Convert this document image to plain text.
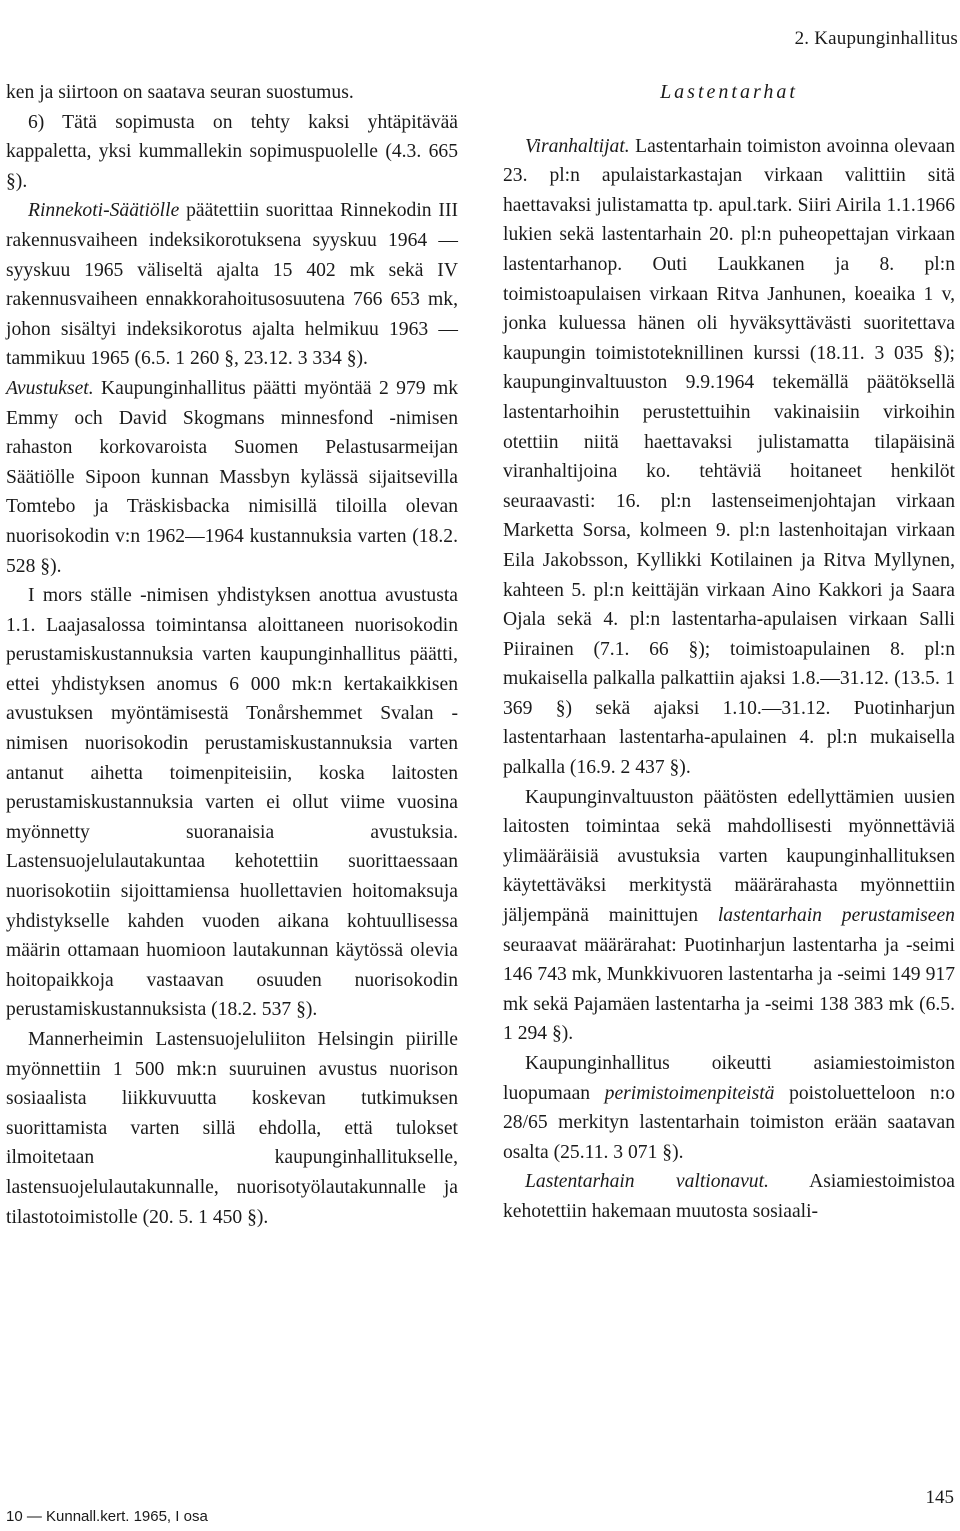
2. Kaupunginhallitus

ken ja siirtoon on saatava seuran suostumus.

6) Tätä sopimusta on tehty kaksi yhtäpitävää kappaletta, yksi kummallekin sopimuspuolelle (4.3. 665 §).

Rinnekoti-Säätiölle päätettiin suorittaa Rinnekodin III rakennusvaiheen indeksikorotuksena syyskuu 1964 — syyskuu 1965 väliseltä ajalta 15 402 mk sekä IV rakennusvaiheen ennakkorahoitusosuutena 766 653 mk, johon sisältyi indeksikorotus ajalta helmikuu 1963 — tammikuu 1965 (6.5. 1 260 §, 23.12. 3 334 §).

Avustukset. Kaupunginhallitus päätti myöntää 2 979 mk Emmy och David Skogmans minnesfond -nimisen rahaston korkovaroista Suomen Pelastusarmeijan Säätiölle Sipoon kunnan Massbyn kylässä sijaitsevilla Tomtebo ja Träskisbacka nimisillä tiloilla olevan nuorisokodin v:n 1962—1964 kustannuksia varten (18.2. 528 §).

I mors ställe -nimisen yhdistyksen anottua avustusta 1.1. Laajasalossa toimintansa aloittaneen nuorisokodin perustamiskustannuksia varten kaupunginhallitus päätti, ettei yhdistyksen anomus 6 000 mk:n kertakaikkisen avustuksen myöntämisestä Tonårshemmet Svalan -nimisen nuorisokodin perustamiskustannuksia varten antanut aihetta toimenpiteisiin, koska laitosten perustamiskustannuksia varten ei ollut viime vuosina myönnetty suoranaisia avustuksia. Lastensuojelulautakuntaa kehotettiin suorittaessaan nuorisokotiin sijoittamiensa huollettavien hoitomaksuja yhdistykselle kahden vuoden aikana kohtuullisessa määrin ottamaan huomioon lautakunnan käytössä olevia hoitopaikkoja vastaavan osuuden nuorisokodin perustamiskustannuksista (18.2. 537 §).

Mannerheimin Lastensuojeluliiton Helsingin piirille myönnettiin 1 500 mk:n suuruinen avustus nuorison sosiaalista liikkuvuutta koskevan tutkimuksen suorittamista varten sillä ehdolla, että tulokset ilmoitetaan kaupunginhallitukselle, lastensuojelulautakunnalle, nuorisotyölautakunnalle ja tilastotoimistolle (20. 5. 1 450 §).

Lastentarhat

Viranhaltijat. Lastentarhain toimiston avoinna olevaan 23. pl:n apulaistarkastajan virkaan valittiin sitä haettavaksi julistamatta tp. apul.tark. Siiri Airila 1.1.1966 lukien sekä lastentarhain 20. pl:n puheopettajan virkaan lastentarhanop. Outi Laukkanen ja 8. pl:n toimistoapulaisen virkaan Ritva Janhunen, koeaika 1 v, jonka kuluessa hänen oli hyväksyttävästi suoritettava kaupungin toimistoteknillinen kurssi (18.11. 3 035 §); kaupunginvaltuuston 9.9.1964 tekemällä päätöksellä lastentarhoihin perustettuihin vakinaisiin virkoihin otettiin niitä haettavaksi julistamatta tilapäisinä viranhaltijoina ko. tehtäviä hoitaneet henkilöt seuraavasti: 16. pl:n lastenseimenjohtajan virkaan Marketta Sorsa, kolmeen 9. pl:n lastenhoitajan virkaan Eila Jakobsson, Kyllikki Kotilainen ja Ritva Myllynen, kahteen 5. pl:n keittäjän virkaan Aino Kakkori ja Saara Ojala sekä 4. pl:n lastentarha-apulaisen virkaan Salli Piirainen (7.1. 66 §); toimistoapulainen 8. pl:n mukaisella palkalla palkattiin ajaksi 1.8.—31.12. (13.5. 1 369 §) sekä ajaksi 1.10.—31.12. Puotinharjun lastentarhaan lastentarha-apulainen 4. pl:n mukaisella palkalla (16.9. 2 437 §).

Kaupunginvaltuuston päätösten edellyttämien uusien laitosten toimintaa sekä mahdollisesti myönnettäviä ylimääräisiä avustuksia varten kaupunginhallituksen käytettäväksi merkitystä määrärahasta myönnettiin jäljempänä mainittujen lastentarhain perustamiseen seuraavat määrärahat: Puotinharjun lastentarha ja -seimi 146 743 mk, Munkkivuoren lastentarha ja -seimi 149 917 mk sekä Pajamäen lastentarha ja -seimi 138 383 mk (6.5. 1 294 §).

Kaupunginhallitus oikeutti asiamiestoimiston luopumaan perimistoimenpiteistä poistoluetteloon n:o 28/65 merkityn lastentarhain toimiston erään saatavan osalta (25.11. 3 071 §).

Lastentarhain valtionavut. Asiamiestoimistoa kehotettiin hakemaan muutosta sosiaali-

10 — Kunnall.kert. 1965, I osa
145
